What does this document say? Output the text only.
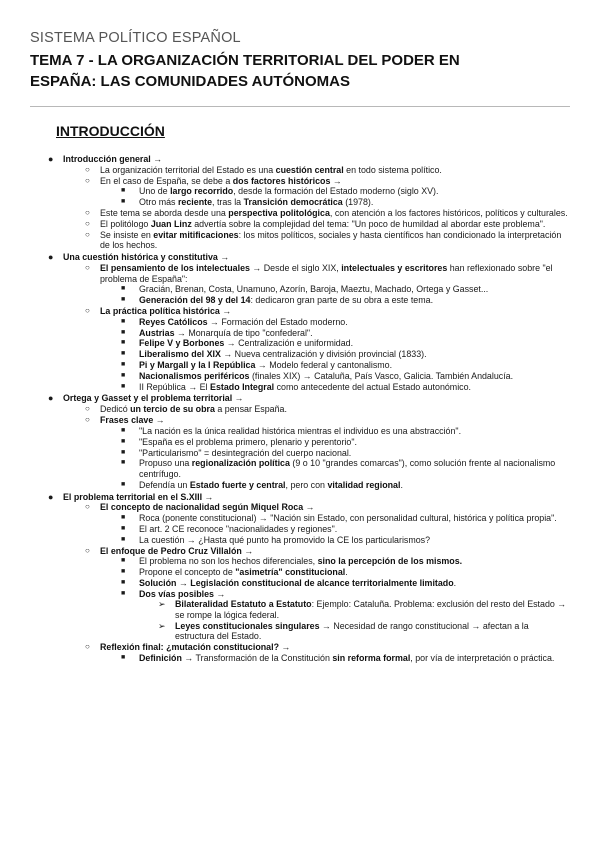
SISTEMA POLÍTICO ESPAÑOL
TEMA 7 - LA ORGANIZACIÓN TERRITORIAL DEL PODER EN
ESPAÑA: LAS COMUNIDADES AUTÓNOMAS
INTRODUCCIÓN
● Introducción general →
○ La organización territorial del Estado es una cuestión central en todo sistema político.
○ En el caso de España, se debe a dos factores históricos →
■ Uno de largo recorrido, desde la formación del Estado moderno (siglo XV).
■ Otro más reciente, tras la Transición democrática (1978).
○ Este tema se aborda desde una perspectiva politológica, con atención a los factores históricos, políticos y culturales.
○ El politólogo Juan Linz advertía sobre la complejidad del tema: "Un poco de humildad al abordar este problema".
○ Se insiste en evitar mitificaciones: los mitos políticos, sociales y hasta científicos han condicionado la interpretación de los hechos.
● Una cuestión histórica y constitutiva →
○ El pensamiento de los intelectuales → Desde el siglo XIX, intelectuales y escritores han reflexionado sobre "el problema de España":
■ Gracián, Brenan, Costa, Unamuno, Azorín, Baroja, Maeztu, Machado, Ortega y Gasset...
■ Generación del 98 y del 14: dedicaron gran parte de su obra a este tema.
○ La práctica política histórica →
■ Reyes Católicos → Formación del Estado moderno.
■ Austrias → Monarquía de tipo "confederal".
■ Felipe V y Borbones → Centralización e uniformidad.
■ Liberalismo del XIX → Nueva centralización y división provincial (1833).
■ Pi y Margall y la I República → Modelo federal y cantonalismo.
■ Nacionalismos periféricos (finales XIX) → Cataluña, País Vasco, Galicia. También Andalucía.
■ II República → El Estado Integral como antecedente del actual Estado autonómico.
● Ortega y Gasset y el problema territorial →
○ Dedicó un tercio de su obra a pensar España.
○ Frases clave →
■ "La nación es la única realidad histórica mientras el individuo es una abstracción".
■ "España es el problema primero, plenario y perentorio".
■ "Particularismo" = desintegración del cuerpo nacional.
■ Propuso una regionalización política (9 o 10 "grandes comarcas"), como solución frente al nacionalismo centrífugo.
■ Defendía un Estado fuerte y central, pero con vitalidad regional.
● El problema territorial en el S.XIII →
○ El concepto de nacionalidad según Miquel Roca →
■ Roca (ponente constitucional) → "Nación sin Estado, con personalidad cultural, histórica y política propia".
■ El art. 2 CE reconoce "nacionalidades y regiones".
■ La cuestión → ¿Hasta qué punto ha promovido la CE los particularismos?
○ El enfoque de Pedro Cruz Villalón →
■ El problema no son los hechos diferenciales, sino la percepción de los mismos.
■ Propone el concepto de "asimetría" constitucional.
■ Solución → Legislación constitucional de alcance territorialmente limitado.
■ Dos vías posibles →
➢ Bilateralidad Estatuto a Estatuto: Ejemplo: Cataluña. Problema: exclusión del resto del Estado → se rompe la lógica federal.
➢ Leyes constitucionales singulares → Necesidad de rango constitucional → afectan a la estructura del Estado.
○ Reflexión final: ¿mutación constitucional? →
■ Definición → Transformación de la Constitución sin reforma formal, por vía de interpretación o práctica.
